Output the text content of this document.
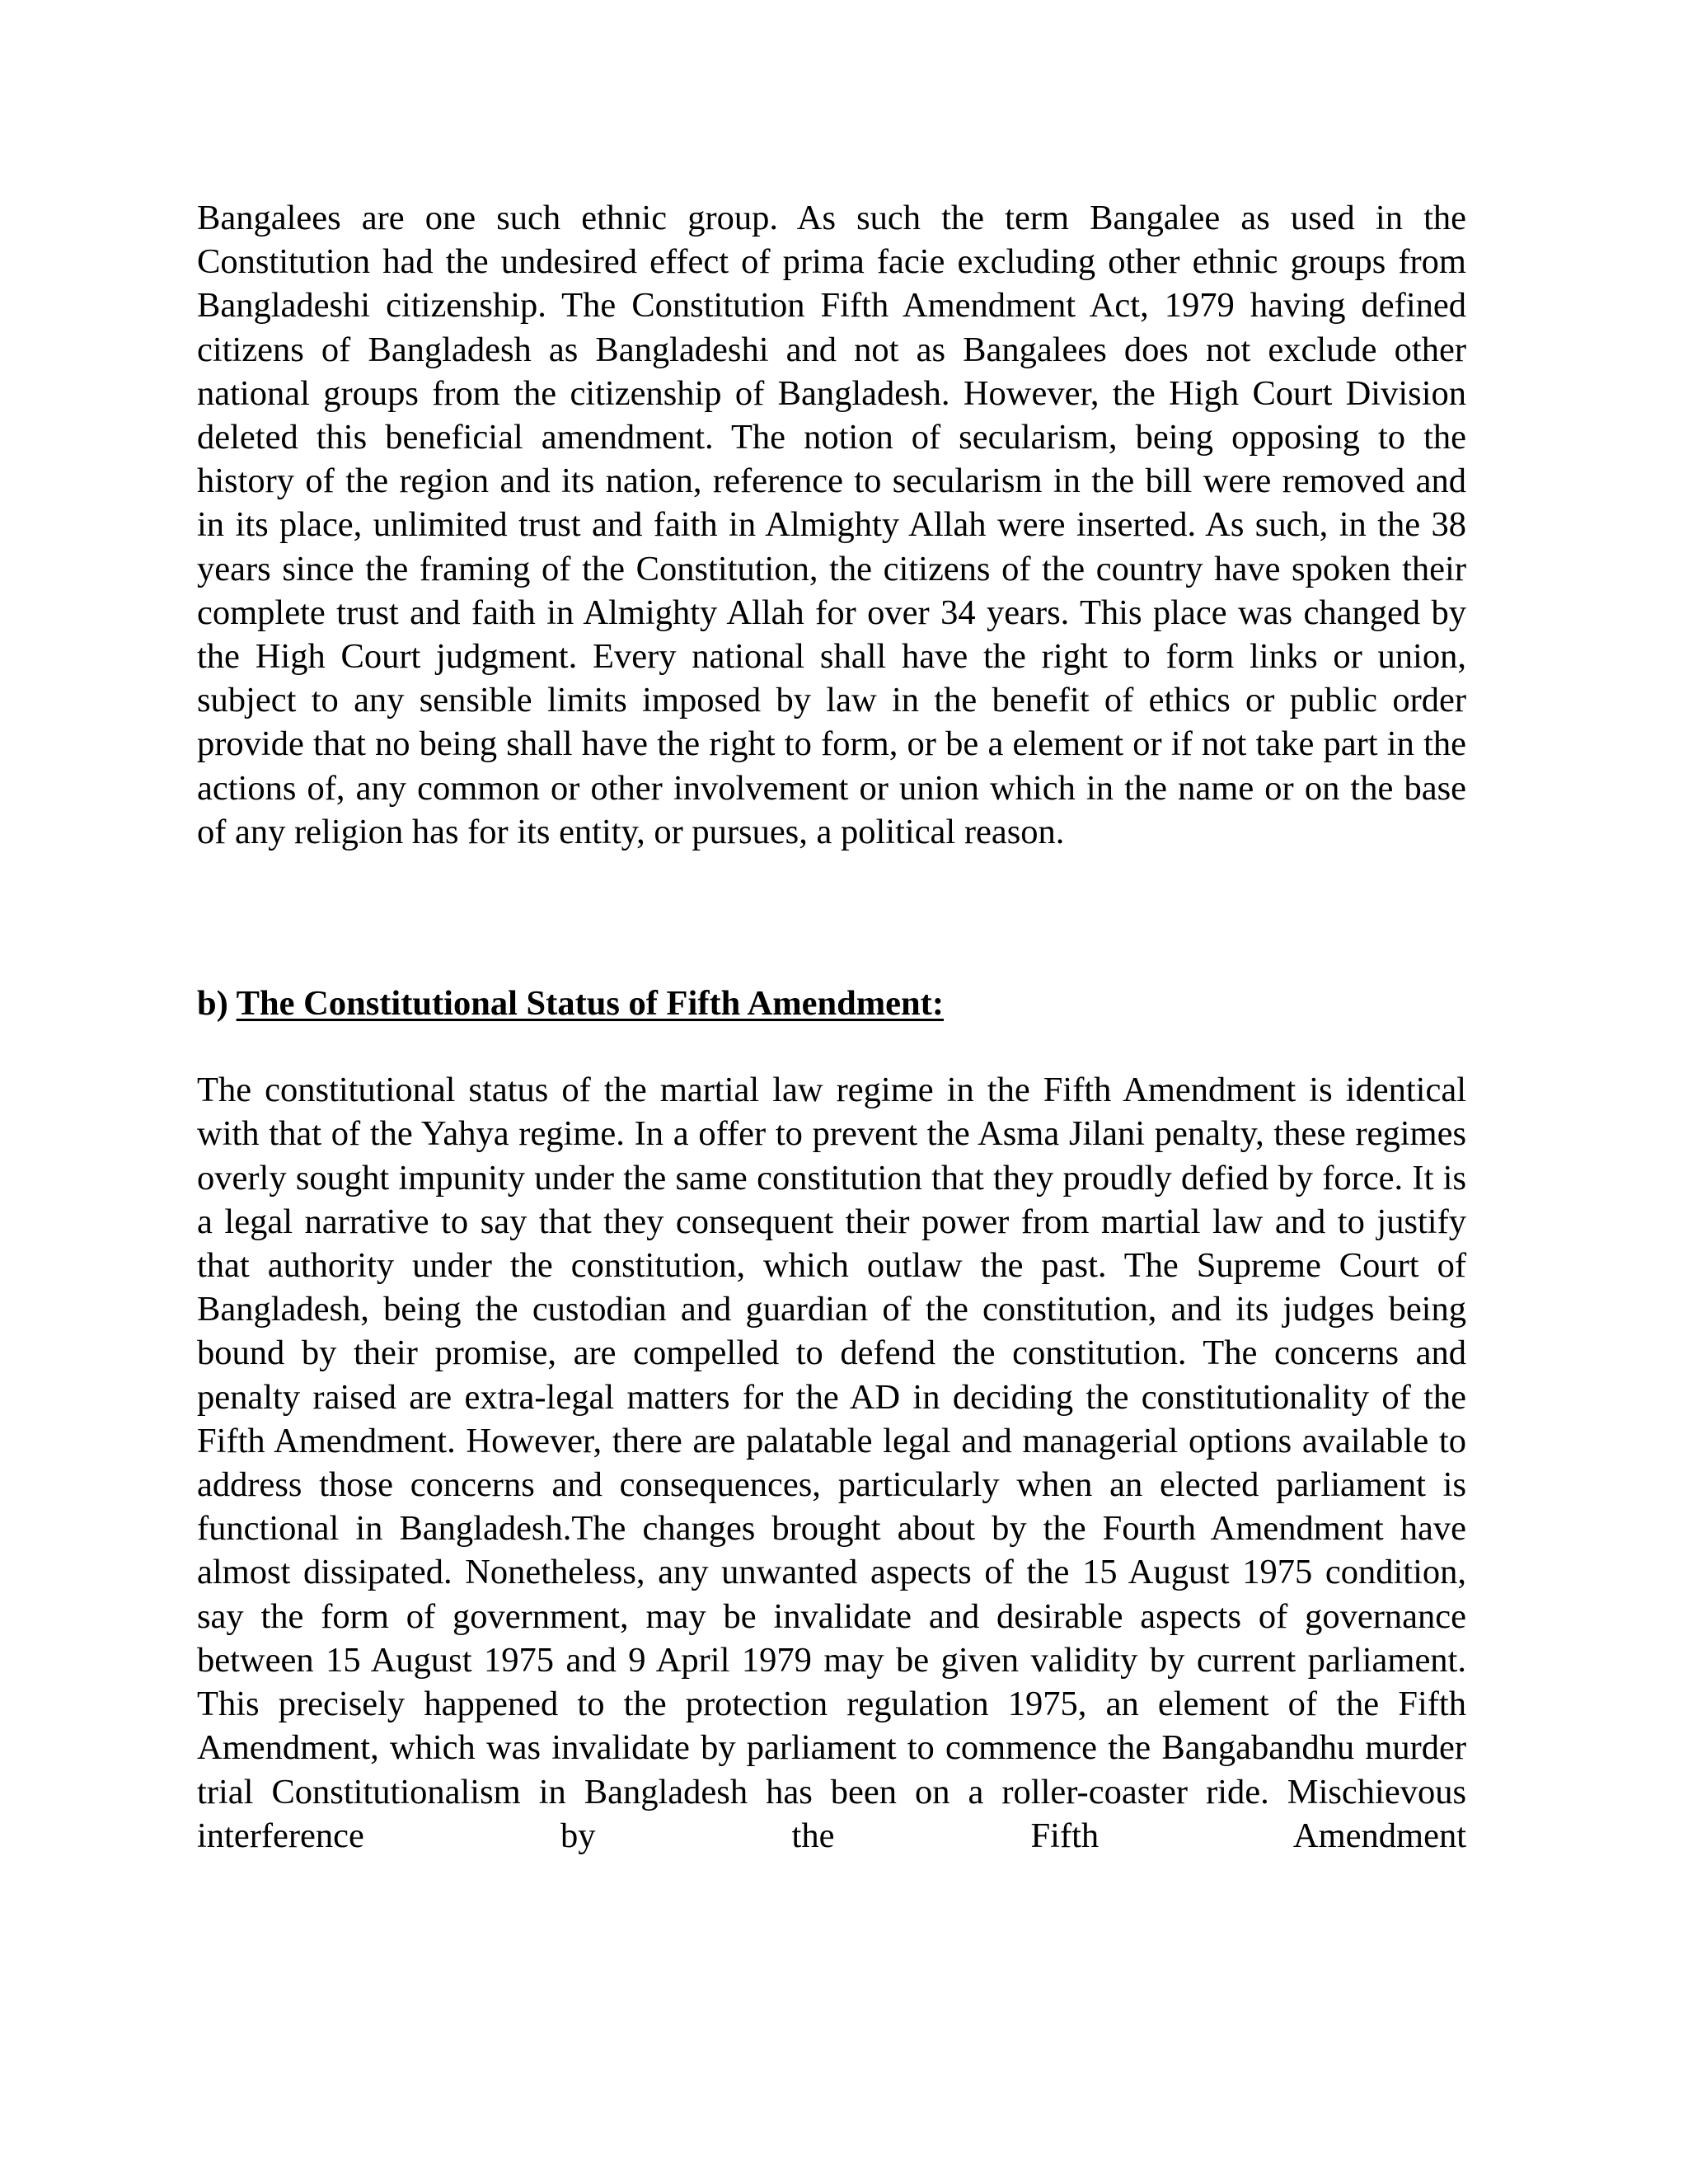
Bangalees are one such ethnic group. As such the term Bangalee as used in the Constitution had the undesired effect of prima facie excluding other ethnic groups from Bangladeshi citizenship. The Constitution Fifth Amendment Act, 1979 having defined citizens of Bangladesh as Bangladeshi and not as Bangalees does not exclude other national groups from the citizenship of Bangladesh. However, the High Court Division deleted this beneficial amendment. The notion of secularism, being opposing to the history of the region and its nation, reference to secularism in the bill were removed and in its place, unlimited trust and faith in Almighty Allah were inserted. As such, in the 38 years since the framing of the Constitution, the citizens of the country have spoken their complete trust and faith in Almighty Allah for over 34 years. This place was changed by the High Court judgment. Every national shall have the right to form links or union, subject to any sensible limits imposed by law in the benefit of ethics or public order provide that no being shall have the right to form, or be a element or if not take part in the actions of, any common or other involvement or union which in the name or on the base of any religion has for its entity, or pursues, a political reason.

b) The Constitutional Status of Fifth Amendment:

The constitutional status of the martial law regime in the Fifth Amendment is identical with that of the Yahya regime. In a offer to prevent the Asma Jilani penalty, these regimes overly sought impunity under the same constitution that they proudly defied by force. It is a legal narrative to say that they consequent their power from martial law and to justify that authority under the constitution, which outlaw the past. The Supreme Court of Bangladesh, being the custodian and guardian of the constitution, and its judges being bound by their promise, are compelled to defend the constitution. The concerns and penalty raised are extra-legal matters for the AD in deciding the constitutionality of the Fifth Amendment. However, there are palatable legal and managerial options available to address those concerns and consequences, particularly when an elected parliament is functional in Bangladesh.The changes brought about by the Fourth Amendment have almost dissipated. Nonetheless, any unwanted aspects of the 15 August 1975 condition, say the form of government, may be invalidate and desirable aspects of governance between 15 August 1975 and 9 April 1979 may be given validity by current parliament. This precisely happened to the protection regulation 1975, an element of the Fifth Amendment, which was invalidate by parliament to commence the Bangabandhu murder trial Constitutionalism in Bangladesh has been on a roller-coaster ride. Mischievous interference by the Fifth Amendment
